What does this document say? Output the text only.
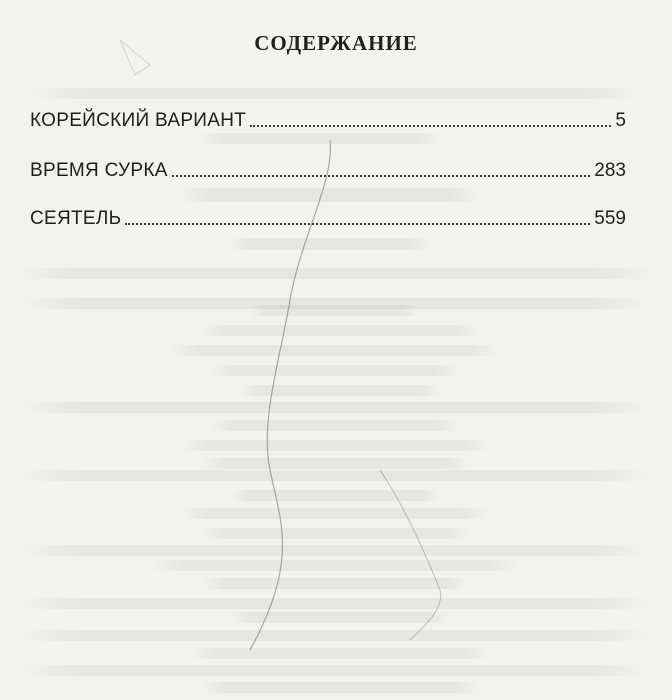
СОДЕРЖАНИЕ
КОРЕЙСКИЙ ВАРИАНТ	5
ВРЕМЯ СУРКА	283
СЕЯТЕЛЬ	559
